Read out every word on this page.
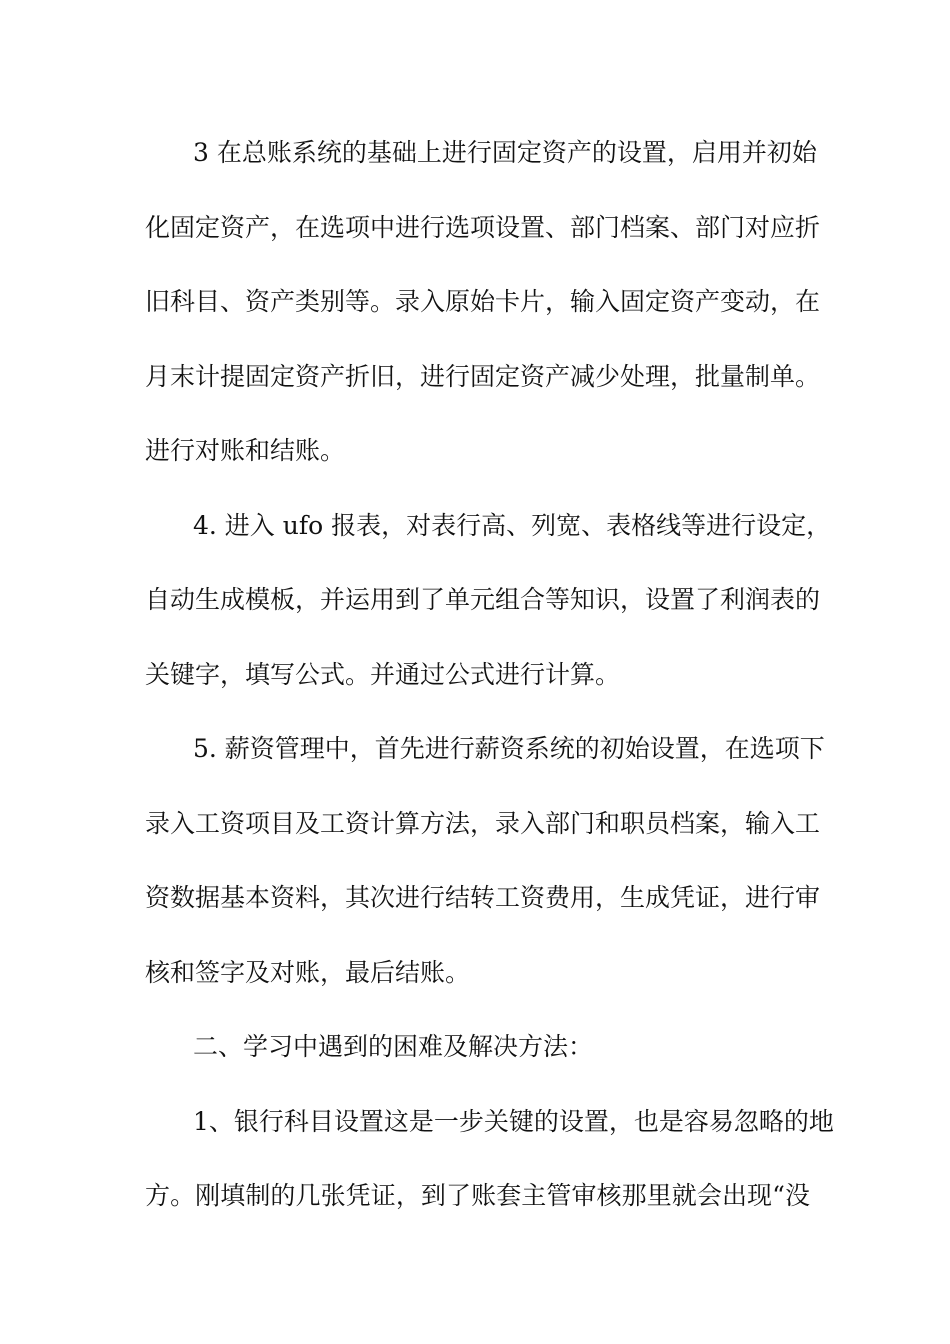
3 在总账系统的基础上进行固定资产的设置，启用并初始
化固定资产，在选项中进行选项设置、部门档案、部门对应折
旧科目、资产类别等。录入原始卡片，输入固定资产变动，在
月末计提固定资产折旧，进行固定资产减少处理，批量制单。
进行对账和结账。
4. 进入 ufo 报表，对表行高、列宽、表格线等进行设定，
自动生成模板，并运用到了单元组合等知识，设置了利润表的
关键字，填写公式。并通过公式进行计算。
5. 薪资管理中，首先进行薪资系统的初始设置，在选项下
录入工资项目及工资计算方法，录入部门和职员档案，输入工
资数据基本资料，其次进行结转工资费用，生成凭证，进行审
核和签字及对账，最后结账。
二、学习中遇到的困难及解决方法：
1、银行科目设置这是一步关键的设置，也是容易忽略的地
方。刚填制的几张凭证，到了账套主管审核那里就会出现“没
